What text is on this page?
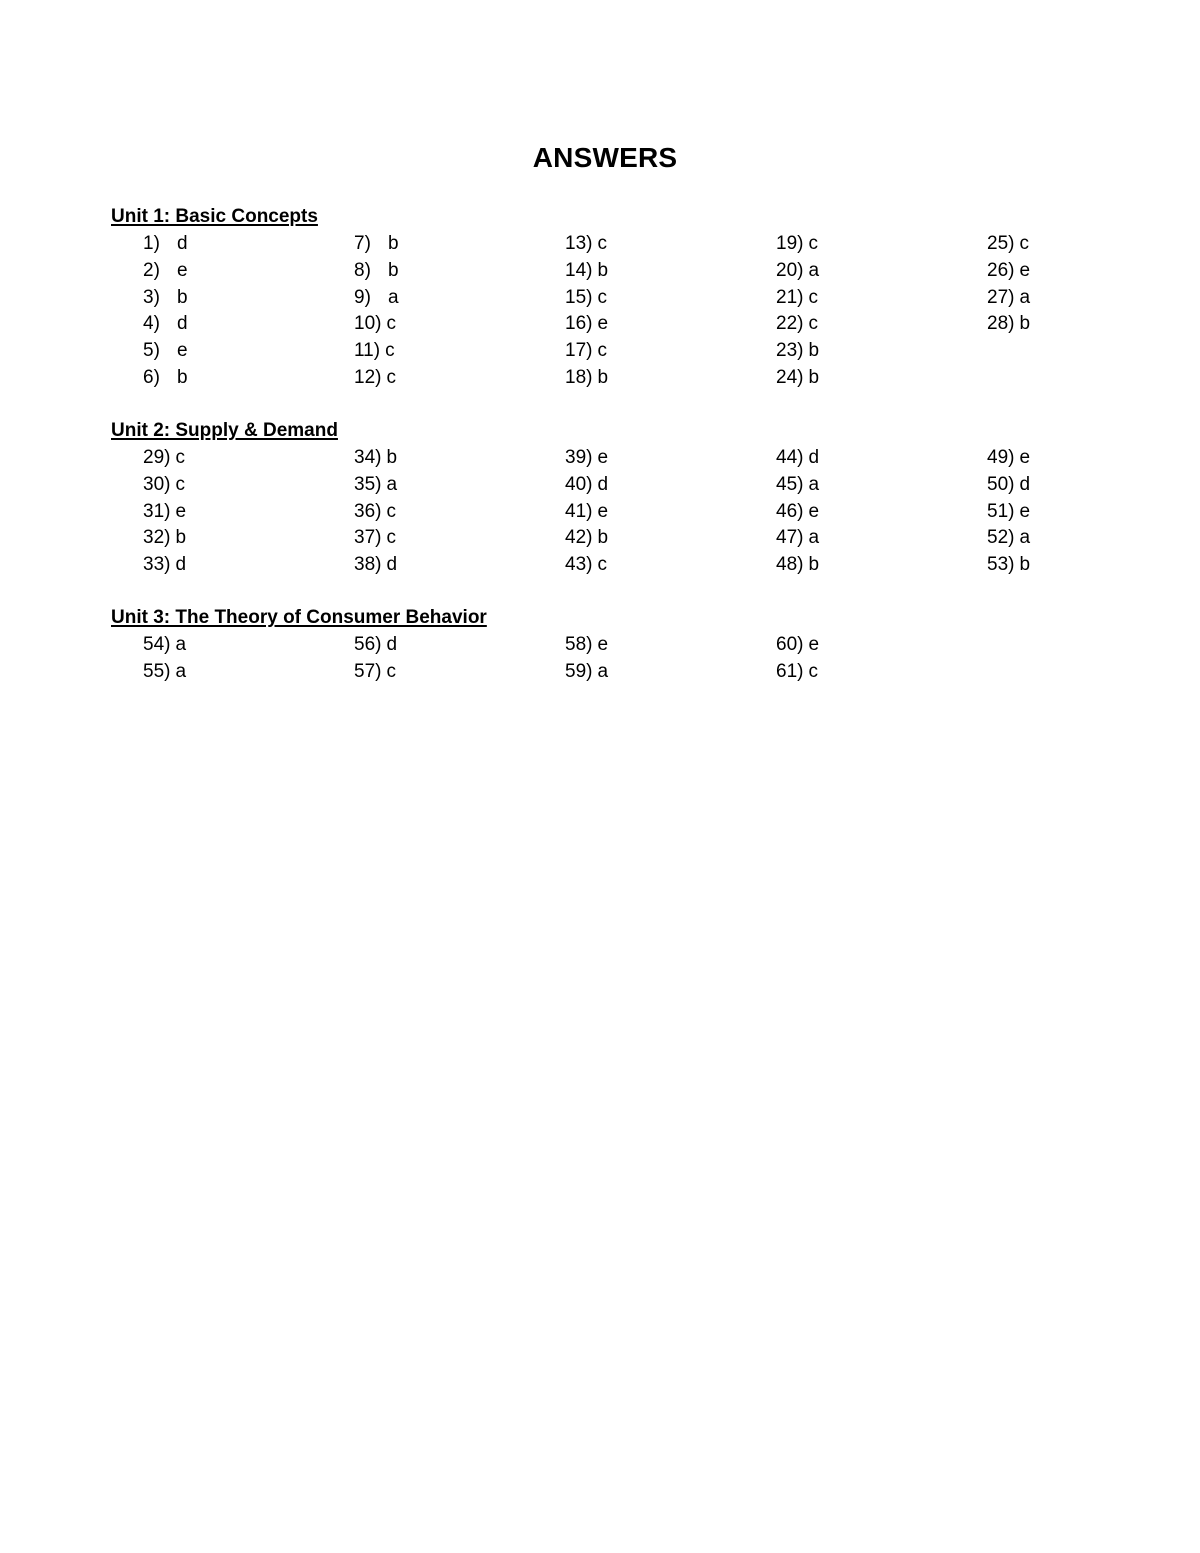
ANSWERS
Unit 1: Basic Concepts
1) d
2) e
3) b
4) d
5) e
6) b
7) b
8) b
9) a
10) c
11) c
12) c
13) c
14) b
15) c
16) e
17) c
18) b
19) c
20) a
21) c
22) c
23) b
24) b
25) c
26) e
27) a
28) b
Unit 2: Supply & Demand
29) c
30) c
31) e
32) b
33) d
34) b
35) a
36) c
37) c
38) d
39) e
40) d
41) e
42) b
43) c
44) d
45) a
46) e
47) a
48) b
49) e
50) d
51) e
52) a
53) b
Unit 3: The Theory of Consumer Behavior
54) a
55) a
56) d
57) c
58) e
59) a
60) e
61) c
